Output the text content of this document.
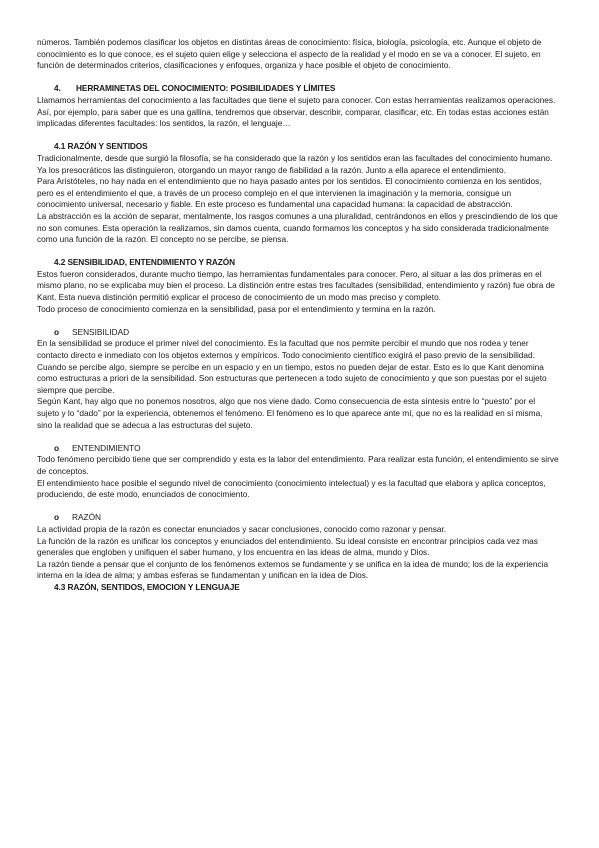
números. También podemos clasificar los objetos en distintas áreas de conocimiento: física, biología, psicología, etc. Aunque el objeto de conocimiento es lo que conoce, es el sujeto quien elige y selecciona el aspecto de la realidad y el modo en se va a conocer. El sujeto, en función de determinados criterios, clasificaciones y enfoques, organiza y hace posible el objeto de conocimiento.

4. HERRAMINETAS DEL CONOCIMIENTO: POSIBILIDADES Y LÍMITES

Llamamos herramientas del conocimiento a las facultades que tiene el sujeto para conocer. Con estas herramientas realizamos operaciones. Así, por ejemplo, para saber que es una gallina, tendremos que observar, describir, comparar, clasificar, etc. En todas estas acciones están implicadas diferentes facultades: los sentidos, la razón, el lenguaje…

4.1 RAZÓN Y SENTIDOS

Tradicionalmente, desde que surgió la filosofía, se ha considerado que la razón y los sentidos eran las facultades del conocimiento humano. Ya los presocráticos las distinguieron, otorgando un mayor rango de fiabilidad a la razón. Junto a ella aparece el entendimiento.

Para Aristóteles, no hay nada en el entendimiento que no haya pasado antes por los sentidos. El conocimiento comienza en los sentidos, pero es el entendimiento el que, a través de un proceso complejo en el que intervienen la imaginación y la memoria, consigue un conocimiento universal, necesario y fiable. En este proceso es fundamental una capacidad humana: la capacidad de abstracción.

La abstracción es la acción de separar, mentalmente, los rasgos comunes a una pluralidad, centrándonos en ellos y prescindiendo de los que no son comunes. Esta operación la realizamos, sin damos cuenta, cuando formamos los conceptos y ha sido considerada tradicionalmente como una función de la razón. El concepto no se percibe, se piensa.

4.2 SENSIBILIDAD, ENTENDIMIENTO Y RAZÓN

Estos fueron considerados, durante mucho tiempo, las herramientas fundamentales para conocer. Pero, al situar a las dos primeras en el mismo plano, no se explicaba muy bien el proceso. La distinción entre estas tres facultades (sensibilidad, entendimiento y razón) fue obra de Kant. Esta nueva distinción permitió explicar el proceso de conocimiento de un modo mas preciso y completo.

Todo proceso de conocimiento comienza en la sensibilidad, pasa por el entendimiento y termina en la razón.

o SENSIBILIDAD

En la sensibilidad se produce el primer nivel del conocimiento. Es la facultad que nos permite percibir el mundo que nos rodea y tener contacto directo e inmediato con los objetos externos y empíricos. Todo conocimiento científico exigirá el paso previo de la sensibilidad.

Cuando se percibe algo, siempre se percibe en un espacio y en un tiempo, estos no pueden dejar de estar. Esto es lo que Kant denomina como estructuras a priori de la sensibilidad. Son estructuras que pertenecen a todo sujeto de conocimiento y que son puestas por el sujeto siempre que percibe.

Según Kant, hay algo que no ponemos nosotros, algo que nos viene dado. Como consecuencia de esta síntesis entre lo “puesto” por el sujeto y lo “dado” por la experiencia, obtenemos el fenómeno. El fenómeno es lo que aparece ante mí, que no es la realidad en sí misma, sino la realidad que se adecua a las estructuras del sujeto.

o ENTENDIMIENTO

Todo fenómeno percibido tiene que ser comprendido y esta es la labor del entendimiento. Para realizar esta función, el entendimiento se sirve de conceptos.

El entendimiento hace posible el segundo nivel de conocimiento (conocimiento intelectual) y es la facultad que elabora y aplica conceptos, produciendo, de este modo, enunciados de conocimiento.

o RAZÓN

La actividad propia de la razón es conectar enunciados y sacar conclusiones, conocido como razonar y pensar.

La función de la razón es unificar los conceptos y enunciados del entendimiento. Su ideal consiste en encontrar principios cada vez mas generales que engloben y unifiquen el saber humano, y los encuentra en las ideas de alma, mundo y Dios.

La razón tiende a pensar que el conjunto de los fenómenos externos se fundamente y se unifica en la idea de mundo; los de la experiencia interna en la idea de alma; y ambas esferas se fundamentan y unifican en la idea de Dios.

4.3 RAZÓN, SENTIDOS, EMOCION Y LENGUAJE
